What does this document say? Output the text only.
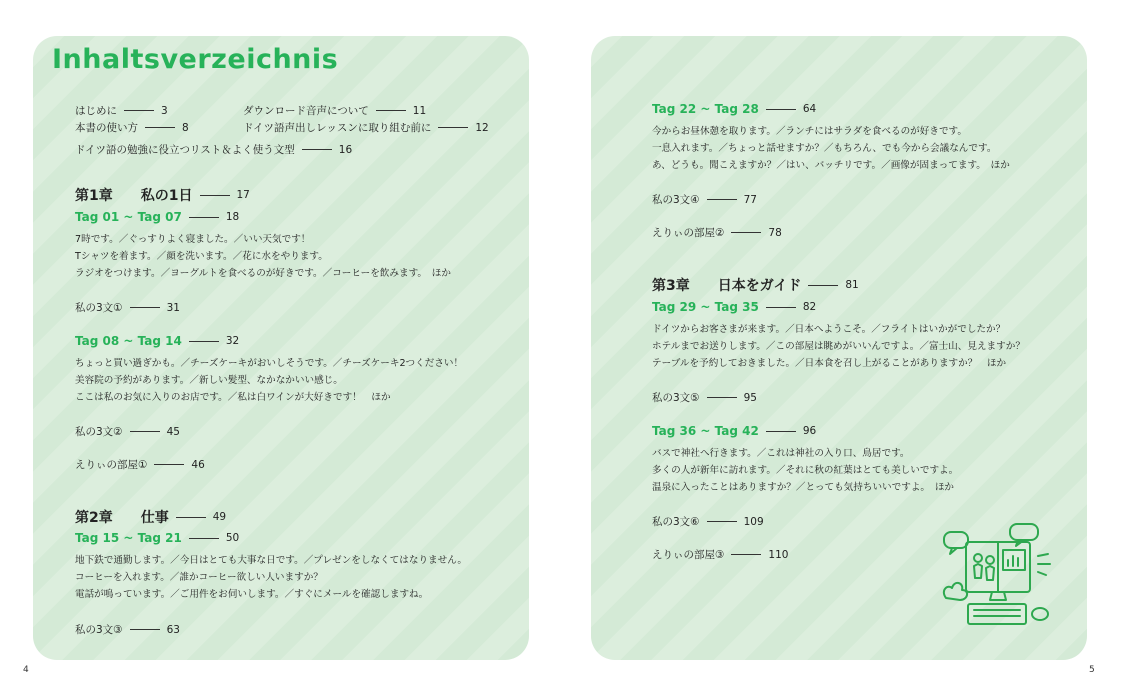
Inhaltsverzeichnis
はじめに	3
本書の使い方	8
ダウンロード音声について	11
ドイツ語声出しレッスンに取り組む前に	12
ドイツ語の勉強に役立つリスト＆よく使う文型	16
第1章 私の1日	17
Tag 01 ~ Tag 07	18
7時です。／ぐっすりよく寝ました。／いい天気です！
Tシャツを着ます。／顔を洗います。／花に水をやります。
ラジオをつけます。／ヨーグルトを食べるのが好きです。／コーヒーを飲みます。　ほか
私の3文①	31
Tag 08 ~ Tag 14	32
ちょっと買い過ぎかも。／チーズケーキがおいしそうです。／チーズケーキ2つください！
美容院の予約があります。／新しい髪型、なかなかいい感じ。
ここは私のお気に入りのお店です。／私は白ワインが大好きです！　ほか
私の3文②	45
えりぃの部屋①	46
第2章 仕事	49
Tag 15 ~ Tag 21	50
地下鉄で通勤します。／今日はとても大事な日です。／プレゼンをしなくてはなりません。
コーヒーを入れます。／誰かコーヒー欲しい人いますか？
電話が鳴っています。／ご用件をお伺いします。／すぐにメールを確認しますね。
私の3文③	63
4
Tag 22 ~ Tag 28	64
今からお昼休憩を取ります。／ランチにはサラダを食べるのが好きです。
一息入れます。／ちょっと話せますか？／もちろん、でも今から会議なんです。
あ、どうも。聞こえますか？／はい、バッチリです。／画像が固まってます。　ほか
私の3文④	77
えりぃの部屋②	78
第3章 日本をガイド	81
Tag 29 ~ Tag 35	82
ドイツからお客さまが来ます。／日本へようこそ。／フライトはいかがでしたか？
ホテルまでお送りします。／この部屋は眺めがいいんですよ。／富士山、見えますか？
テーブルを予約しておきました。／日本食を召し上がることがありますか？　ほか
私の3文⑤	95
Tag 36 ~ Tag 42	96
バスで神社へ行きます。／これは神社の入り口、鳥居です。
多くの人が新年に訪れます。／それに秋の紅葉はとても美しいですよ。
温泉に入ったことはありますか？／とっても気持ちいいですよ。　ほか
私の3文⑥	109
えりぃの部屋③	110
5
